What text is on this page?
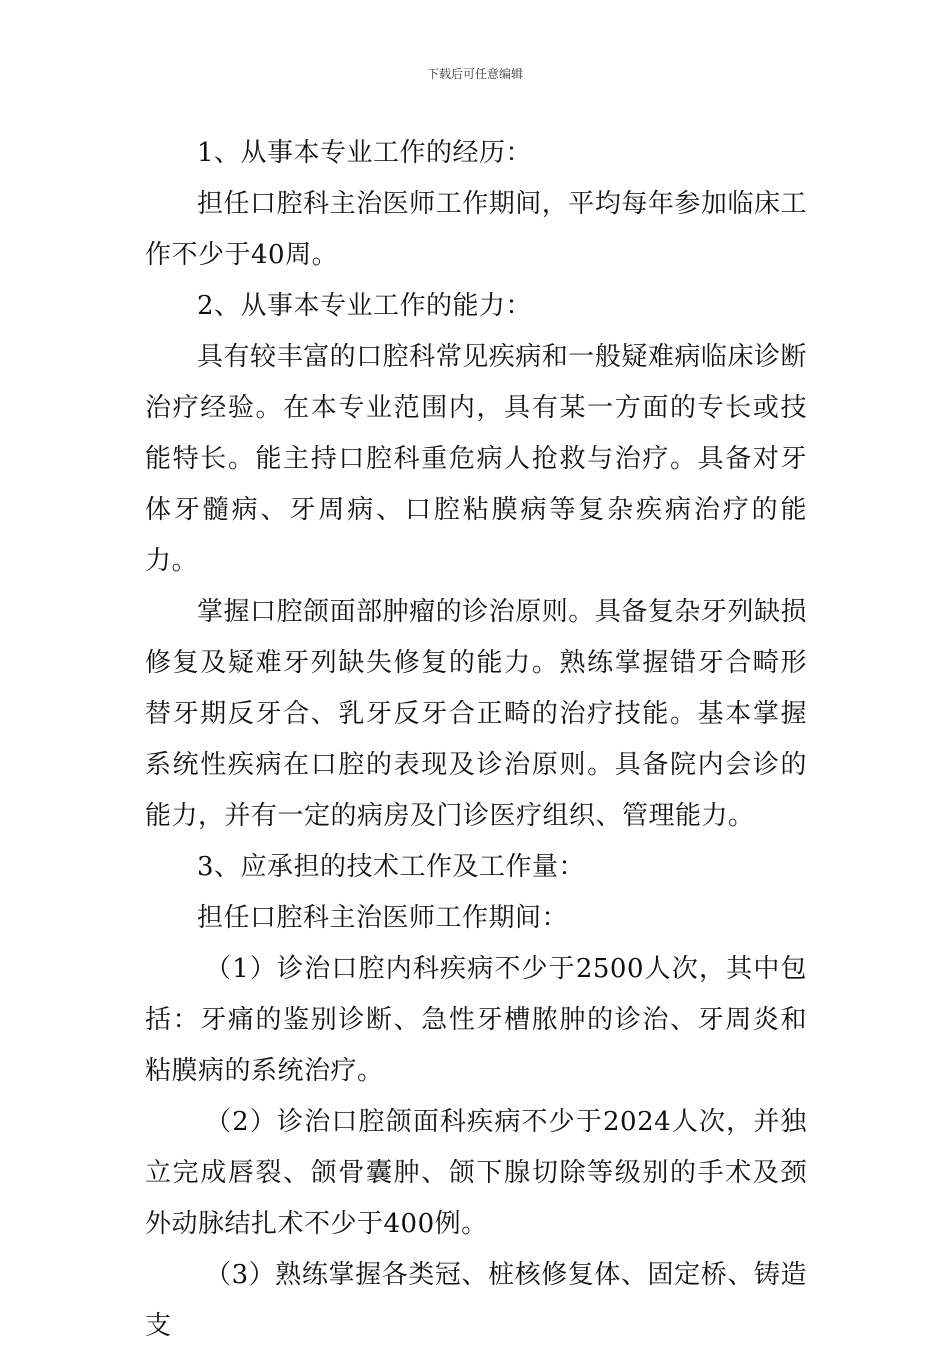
下载后可任意编辑

1、从事本专业工作的经历：

担任口腔科主治医师工作期间，平均每年参加临床工作不少于40周。

2、从事本专业工作的能力：

具有较丰富的口腔科常见疾病和一般疑难病临床诊断治疗经验。在本专业范围内，具有某一方面的专长或技能特长。能主持口腔科重危病人抢救与治疗。具备对牙体牙髓病、牙周病、口腔粘膜病等复杂疾病治疗的能力。

掌握口腔颌面部肿瘤的诊治原则。具备复杂牙列缺损修复及疑难牙列缺失修复的能力。熟练掌握错牙合畸形替牙期反牙合、乳牙反牙合正畸的治疗技能。基本掌握系统性疾病在口腔的表现及诊治原则。具备院内会诊的能力，并有一定的病房及门诊医疗组织、管理能力。

3、应承担的技术工作及工作量：

担任口腔科主治医师工作期间：

（1）诊治口腔内科疾病不少于2500人次，其中包括：牙痛的鉴别诊断、急性牙槽脓肿的诊治、牙周炎和粘膜病的系统治疗。

（2）诊治口腔颌面科疾病不少于2024人次，并独立完成唇裂、颌骨囊肿、颌下腺切除等级别的手术及颈外动脉结扎术不少于400例。

（3）熟练掌握各类冠、桩核修复体、固定桥、铸造支
